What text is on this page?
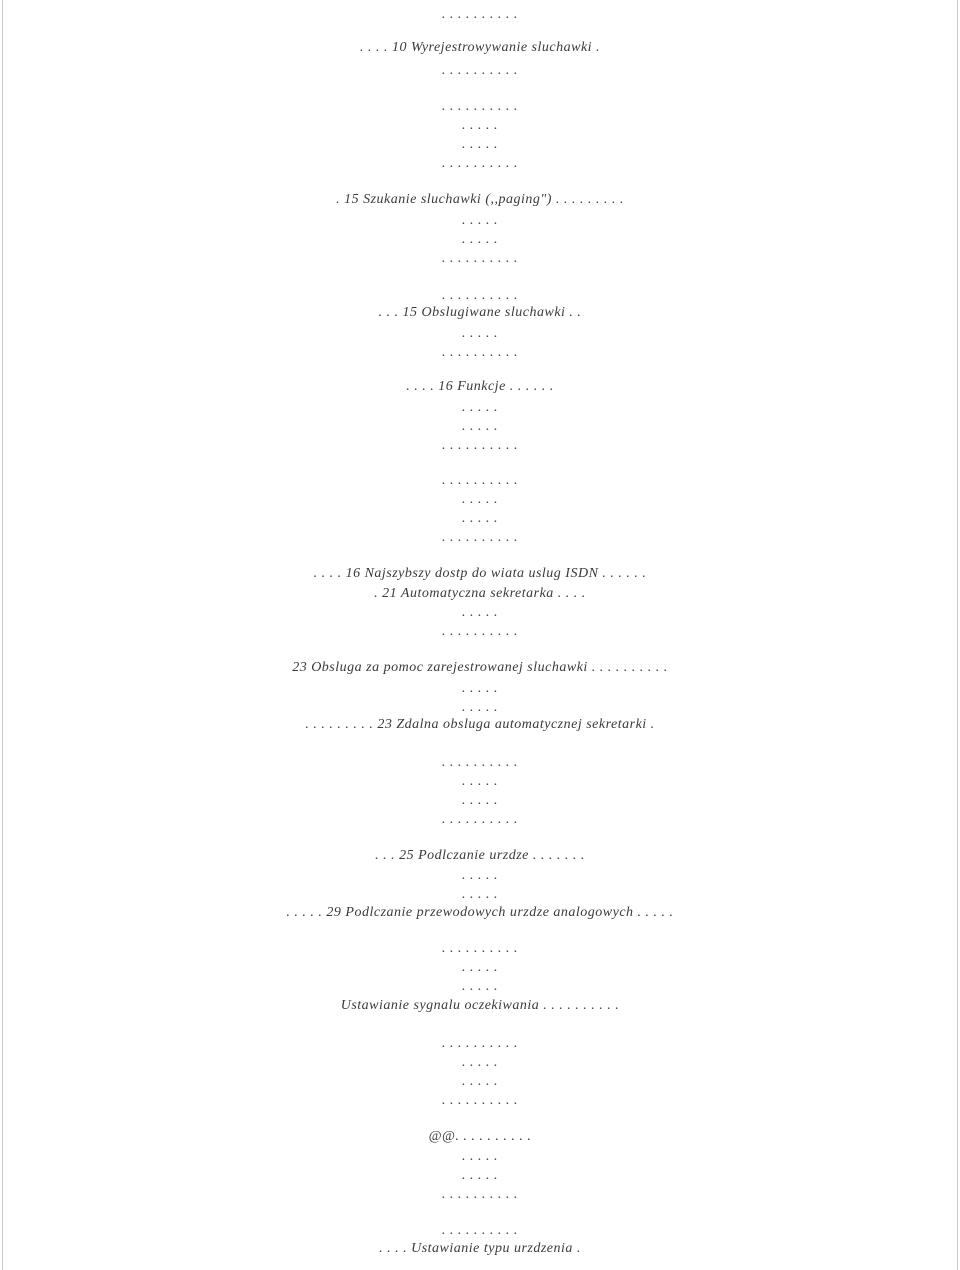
. . . . . . . . . .
. . . . 10 Wyrejestrowywanie sluchawki .
. . . . . . . . . .
. . . . . . . . . .
. . . . .
. . . . .
. . . . . . . . . .
. 15 Szukanie sluchawki (,,paging") . . . . . . . . .
. . . . .
. . . . .
. . . . . . . . . .
. . . . . . . . . .
. . . 15 Obslugiwane sluchawki . .
. . . . .
. . . . . . . . . .
. . . . 16 Funkcje . . . . . .
. . . . .
. . . . .
. . . . . . . . . .
. . . . . . . . . .
. . . . .
. . . . .
. . . . . . . . . .
. . . . 16 Najszybszy dostp do wiata uslug ISDN . . . . . .
. 21 Automatyczna sekretarka . . . .
. . . . .
. . . . . . . . . .
23 Obsluga za pomoc zarejestrowanej sluchawki . . . . . . . . . .
. . . . .
. . . . .
. . . . . . . . . 23 Zdalna obsluga automatycznej sekretarki .
. . . . . . . . . .
. . . . .
. . . . .
. . . . . . . . . .
. . . 25 Podlczanie urzdze . . . . . . .
. . . . .
. . . . .
. . . . . 29 Podlczanie przewodowych urzdze analogowych . . . . .
. . . . . . . . . .
. . . . .
. . . . .
Ustawianie sygnalu oczekiwania . . . . . . . . . .
. . . . . . . . . .
. . . . .
. . . . .
. . . . . . . . . .
@@. . . . . . . . . .
. . . . .
. . . . .
. . . . . . . . . .
. . . . . . . . . .
. . . . Ustawianie typu urzdzenia .
